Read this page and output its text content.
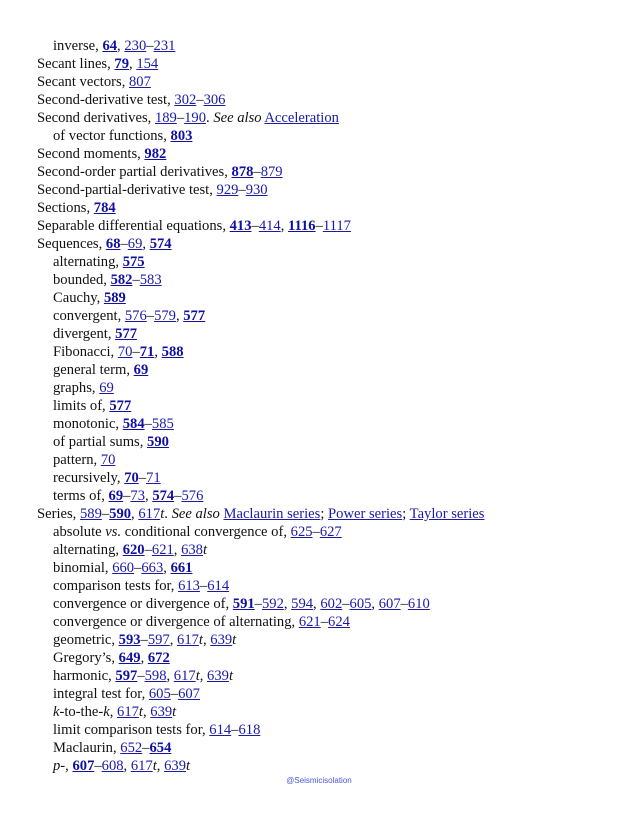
inverse, 64, 230–231
Secant lines, 79, 154
Secant vectors, 807
Second-derivative test, 302–306
Second derivatives, 189–190. See also Acceleration
of vector functions, 803
Second moments, 982
Second-order partial derivatives, 878–879
Second-partial-derivative test, 929–930
Sections, 784
Separable differential equations, 413–414, 1116–1117
Sequences, 68–69, 574
alternating, 575
bounded, 582–583
Cauchy, 589
convergent, 576–579, 577
divergent, 577
Fibonacci, 70–71, 588
general term, 69
graphs, 69
limits of, 577
monotonic, 584–585
of partial sums, 590
pattern, 70
recursively, 70–71
terms of, 69–73, 574–576
Series, 589–590, 617t. See also Maclaurin series; Power series; Taylor series
absolute vs. conditional convergence of, 625–627
alternating, 620–621, 638t
binomial, 660–663, 661
comparison tests for, 613–614
convergence or divergence of, 591–592, 594, 602–605, 607–610
convergence or divergence of alternating, 621–624
geometric, 593–597, 617t, 639t
Gregory’s, 649, 672
harmonic, 597–598, 617t, 639t
integral test for, 605–607
k-to-the-k, 617t, 639t
limit comparison tests for, 614–618
Maclaurin, 652–654
p-, 607–608, 617t, 639t
@Seismicisolation
